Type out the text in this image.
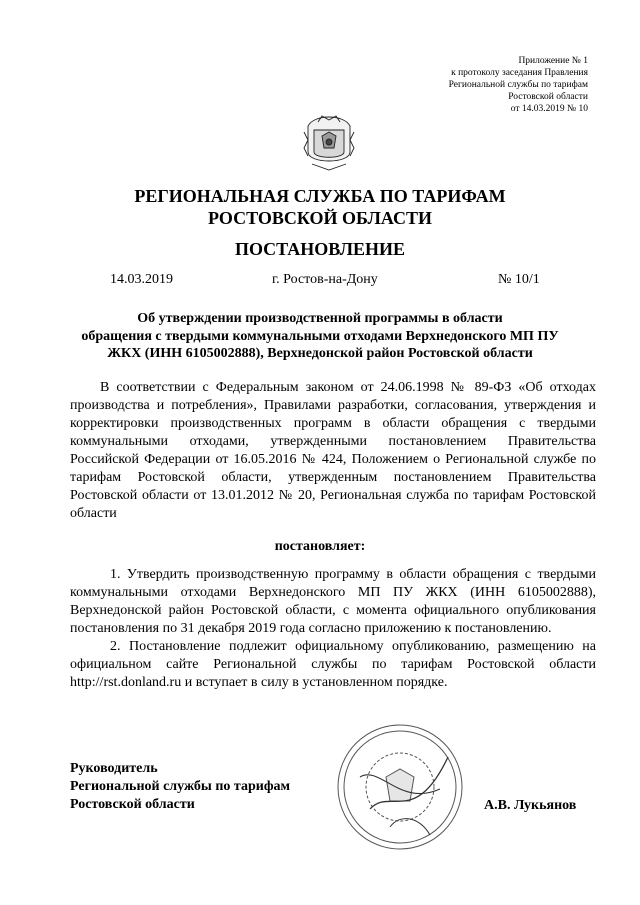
Приложение № 1
к протоколу заседания Правления
Региональной службы по тарифам
Ростовской области
от 14.03.2019 № 10
РЕГИОНАЛЬНАЯ СЛУЖБА ПО ТАРИФАМ
РОСТОВСКОЙ ОБЛАСТИ
ПОСТАНОВЛЕНИЕ
14.03.2019	г. Ростов-на-Дону	№ 10/1
Об утверждении производственной программы в области
обращения с твердыми коммунальными отходами Верхнедонского МП ПУ
ЖКХ (ИНН 6105002888), Верхнедонской район Ростовской области
В соответствии с Федеральным законом от 24.06.1998 № 89-ФЗ «Об отходах производства и потребления», Правилами разработки, согласования, утверждения и корректировки производственных программ в области обращения с твердыми коммунальными отходами, утвержденными постановлением Правительства Российской Федерации от 16.05.2016 № 424, Положением о Региональной службе по тарифам Ростовской области, утвержденным постановлением Правительства Ростовской области от 13.01.2012 № 20, Региональная служба по тарифам Ростовской области
постановляет:

1. Утвердить производственную программу в области обращения с твердыми коммунальными отходами Верхнедонского МП ПУ ЖКХ (ИНН 6105002888), Верхнедонской район Ростовской области, с момента официального опубликования постановления по 31 декабря 2019 года согласно приложению к постановлению.

2. Постановление подлежит официальному опубликованию, размещению на официальном сайте Региональной службы по тарифам Ростовской области http://rst.donland.ru и вступает в силу в установленном порядке.

Руководитель
Региональной службы по тарифам
Ростовской области	А.В. Лукьянов
